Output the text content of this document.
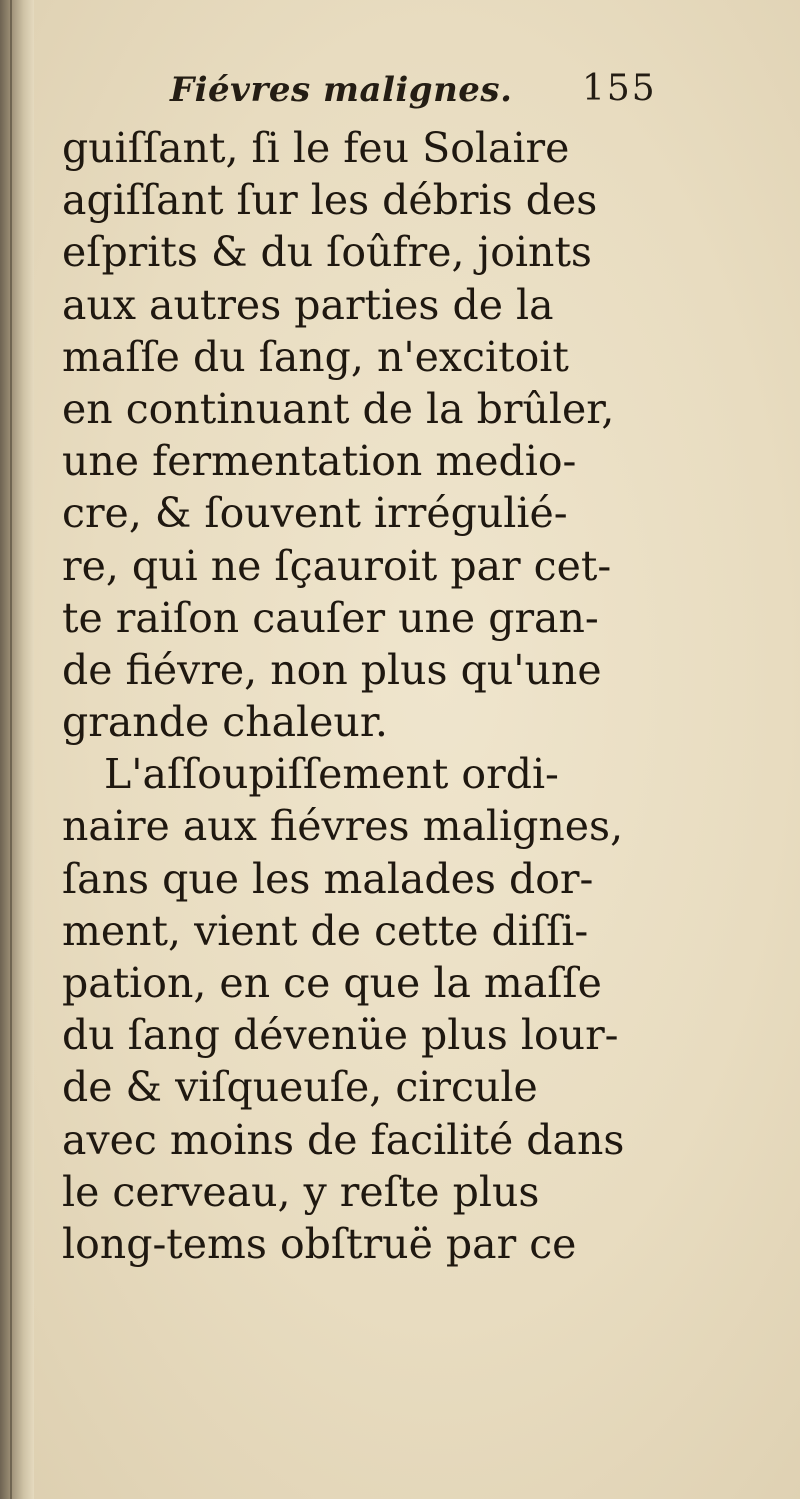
Fiévres malignes. 155
guiſſant, ſi le feu Solaire
agiſſant ſur les débris des
eſprits & du ſoûfre, joints
aux autres parties de la
maſſe du ſang, n'excitoit
en continuant de la brûler,
une fermentation medio-
cre, & ſouvent irrégulié-
re, qui ne ſçauroit par cet-
te raiſon cauſer une gran-
de fiévre, non plus qu'une
grande chaleur.
L'aſſoupiſſement ordi-
naire aux fiévres malignes,
ſans que les malades dor-
ment, vient de cette diſſi-
pation, en ce que la maſſe
du ſang dévenüe plus lour-
de & viſqueuſe, circule
avec moins de facilité dans
le cerveau, y reſte plus
long-tems obſtruë par ce
